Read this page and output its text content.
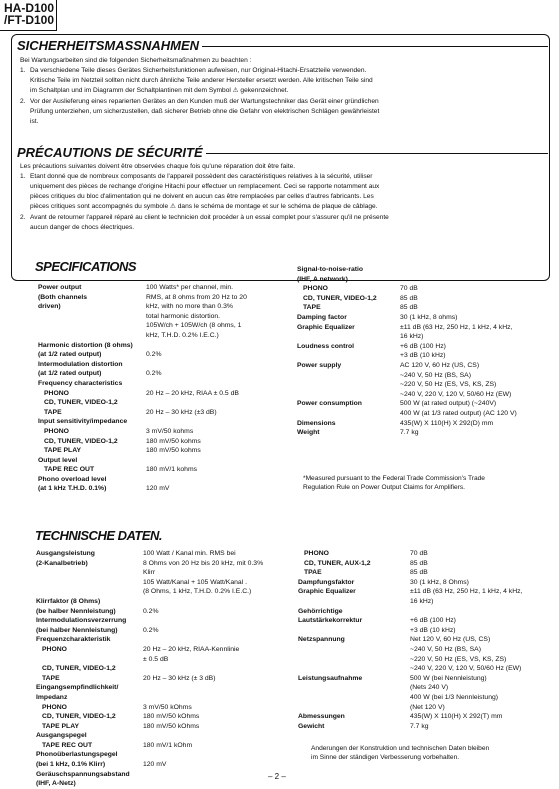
HA-D100
/FT-D100
SICHERHEITSMASSNAHMEN
Bei Wartungsarbeiten sind die folgenden Sicherheitsmaßnahmen zu beachten :
1. Da verschiedene Teile dieses Gerätes Sicherheitsfunktionen aufweisen, nur Original-Hitachi-Ersatzteile verwenden.
Kritische Teile im Netzteil sollten nicht durch ähnliche Teile anderer Hersteller ersetzt werden. Alle kritischen Teile sind
im Schaltplan und im Diagramm der Schaltplantinen mit dem Symbol ⚠ gekennzeichnet.
2. Vor der Auslieferung eines reparierten Gerätes an den Kunden muß der Wartungstechniker das Gerät einer gründlichen
Prüfung unterziehen, um sicherzustellen, daß sicherer Betrieb ohne die Gefahr von elektrischen Schlägen gewährleistet
ist.
PRÉCAUTIONS DE SÉCURITÉ
Les précautions suivantes doivent être observées chaque fois qu'une réparation doit être faite.
1. Etant donné que de nombreux composants de l'appareil possèdent des caractéristiques relatives à la sécurité, utiliser
uniquement des pièces de rechange d'origine Hitachi pour effectuer un remplacement. Ceci se rapporte notamment aux
pièces critiques du bloc d'alimentation qui ne doivent en aucun cas être remplacées par celles d'autres fabricants. Les
pièces critiques sont accompagnés du symbole ⚠ dans le schéma de montage et sur le schéma de plaque de câblage.
2. Avant de retourner l'appareil réparé au client le technicien doit procéder à un essai complet pour s'assurer qu'il ne présente
aucun danger de chocs électriques.
SPECIFICATIONS
Power output	100 Watts* per channel, min.
(Both channels	RMS, at 8 ohms from 20 Hz to 20
driven)	kHz, with no more than 0.3%
total harmonic distortion.
105W/ch + 105W/ch (8 ohms, 1
kHz, T.H.D. 0.2% I.E.C.)
Harmonic distortion (8 ohms)
(at 1/2 rated output)	0.2%
Intermodulation distortion
(at 1/2 rated output)	0.2%
Frequency characteristics
PHONO	20 Hz – 20 kHz, RIAA ± 0.5 dB
CD, TUNER, VIDEO-1,2
TAPE	20 Hz – 30 kHz (±3 dB)
Input sensitivity/impedance
PHONO	3 mV/50 kohms
CD, TUNER, VIDEO-1,2	180 mV/50 kohms
TAPE PLAY	180 mV/50 kohms
Output level
TAPE REC OUT	180 mV/1 kohms
Phono overload level
(at 1 kHz T.H.D. 0.1%)	120 mV
Signal-to-noise-ratio
(IHF, A network)
PHONO	70 dB
CD, TUNER, VIDEO-1,2	85 dB
TAPE	85 dB
Damping factor	30 (1 kHz, 8 ohms)
Graphic Equalizer	±11 dB (63 Hz, 250 Hz, 1 kHz, 4 kHz,
16 kHz)
Loudness control	+6 dB (100 Hz)
+3 dB (10 kHz)
Power supply	AC 120 V, 60 Hz (US, CS)
~240 V, 50 Hz (BS, SA)
~220 V, 50 Hz (ES, VS, KS, ZS)
~240 V, 220 V, 120 V, 50/60 Hz (EW)
Power consumption	500 W (at rated output) (~240V)
400 W (at 1/3 rated output) (AC 120 V)
Dimensions	435(W) X 110(H) X 292(D) mm
Weight	7.7 kg
*Measured pursuant to the Federal Trade Commission's Trade
Regulation Rule on Power Output Claims for Amplifiers.
TECHNISCHE DATEN.
Ausgangsleistung	100 Watt / Kanal min. RMS bei
(2-Kanalbetrieb)	8 Ohms von 20 Hz bis 20 kHz, mit 0.3%
Klirr
105 Watt/Kanal + 105 Watt/Kanal .
(8 Ohms, 1 kHz, T.H.D. 0.2% I.E.C.)
Klirrfaktor (8 Ohms)
(be halber Nennleistung)	0.2%
Intermodulationsverzerrung
(bei halber Nennleistung)	0.2%
Frequenzcharakteristik
PHONO	20 Hz – 20 kHz, RIAA-Kennlinie
± 0.5 dB
CD, TUNER, VIDEO-1,2
TAPE	20 Hz – 30 kHz (± 3 dB)
Eingangsempfindlichkeit/
Impedanz
PHONO	3 mV/50 kOhms
CD, TUNER, VIDEO-1,2	180 mV/50 kOhms
TAPE PLAY	180 mV/50 kOhms
Ausgangspegel
TAPE REC OUT	180 mV/1 kOhm
Phonoüberlastungspegel
(bei 1 kHz, 0.1% Klirr)	120 mV
Geräuschspannungsabstand
(IHF, A-Netz)
PHONO	70 dB
CD, TUNER, AUX-1,2	85 dB
TPAE	85 dB
Dampfungsfaktor	30 (1 kHz, 8 Ohms)
Graphic Equalizer	±11 dB (63 Hz, 250 Hz, 1 kHz, 4 kHz,
16 kHz)
Gehörrichtige
Lautstärkekorrektur	+6 dB (100 Hz)
+3 dB (10 kHz)
Netzspannung	Net 120 V, 60 Hz (US, CS)
~240 V, 50 Hz (BS, SA)
~220 V, 50 Hz (ES, VS, KS, ZS)
~240 V, 220 V, 120 V, 50/60 Hz (EW)
Leistungsaufnahme	500 W (bei Nennleistung)
(Nets 240 V)
400 W (bei 1/3 Nennleistung)
(Net 120 V)
Abmessungen	435(W) X 110(H) X 292(T) mm
Gewicht	7.7 kg
Anderungen der Konstruktion und technischen Daten bleiben
im Sinne der ständigen Verbesserung vorbehalten.
– 2 –
